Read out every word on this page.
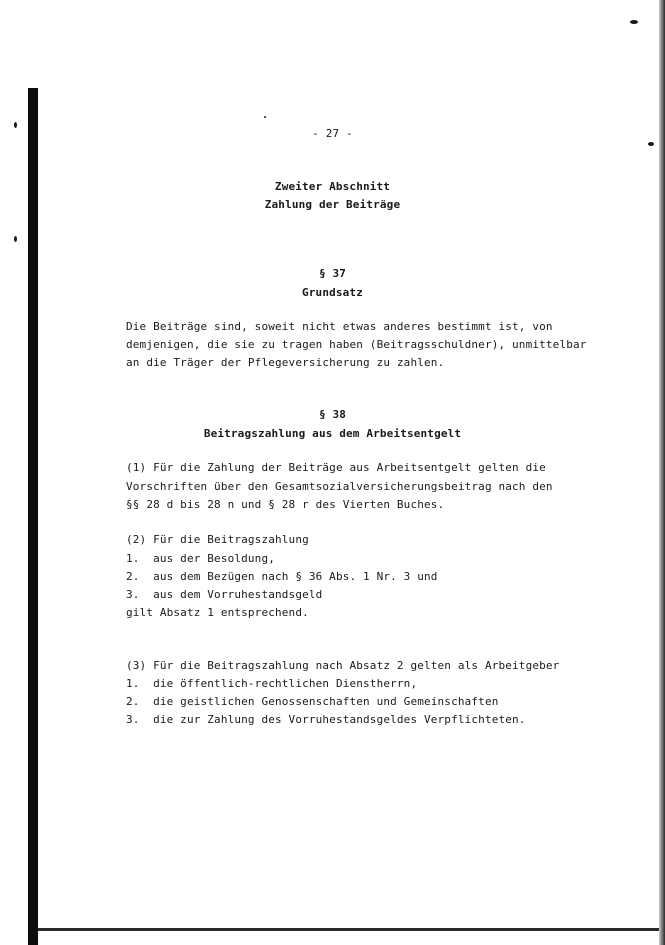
- 27 -
Zweiter Abschnitt
Zahlung der Beiträge
§ 37
Grundsatz
Die Beiträge sind, soweit nicht etwas anderes bestimmt ist, von
demjenigen, die sie zu tragen haben (Beitragsschuldner), unmittelbar
an die Träger der Pflegeversicherung zu zahlen.
§ 38
Beitragszahlung aus dem Arbeitsentgelt
(1) Für die Zahlung der Beiträge aus Arbeitsentgelt gelten die
Vorschriften über den Gesamtsozialversicherungsbeitrag nach den
§§ 28 d bis 28 n und § 28 r des Vierten Buches.
(2) Für die Beitragszahlung
1.  aus der Besoldung,
2.  aus dem Bezügen nach § 36 Abs. 1 Nr. 3 und
3.  aus dem Vorruhestandsgeld
gilt Absatz 1 entsprechend.
(3) Für die Beitragszahlung nach Absatz 2 gelten als Arbeitgeber
1.  die öffentlich-rechtlichen Dienstherrn,
2.  die geistlichen Genossenschaften und Gemeinschaften
3.  die zur Zahlung des Vorruhestandsgeldes Verpflichteten.
